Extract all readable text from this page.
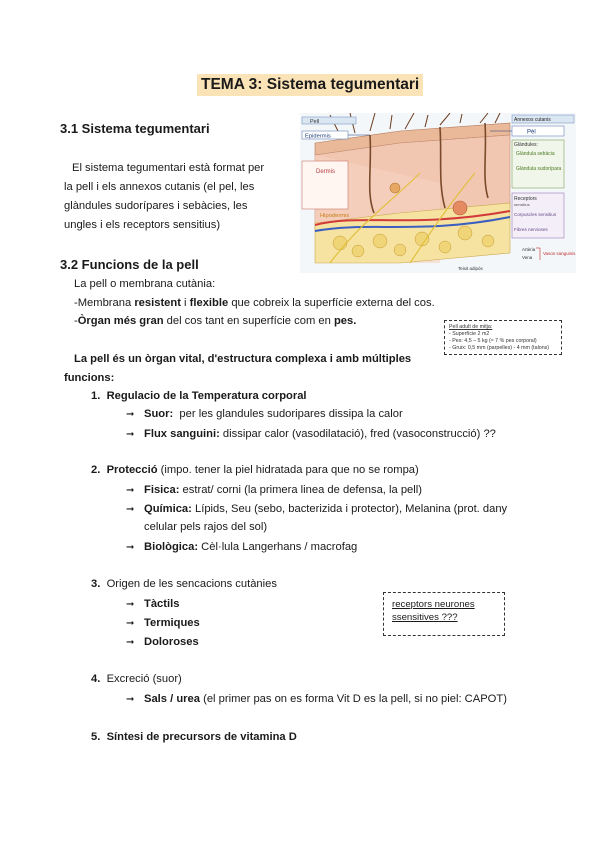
TEMA 3: Sistema tegumentari
3.1 Sistema tegumentari
El sistema tegumentari està format per
la pell i els annexos cutanis (el pel, les
glàndules sudorípares i sebàcies, les
ungles i els receptors sensitius)
Pell
Epidermis
Dermis
Hipodermis
Annexos cutanis
Pèl
Glàndules:
Glàndula sebàcia
Glàndula sudorípara
Receptors
sensitius
Corpuscles sensitius
Fibres nervioses
Artèria
Vena
Vasos sanguinis
Teixit adipós
3.2 Funcions de la pell
La pell o membrana cutània:
-Membrana resistent i flexible que cobreix la superfície externa del cos.
-Òrgan més gran del cos tant en superfície com en pes.	Pell adult de mitja:
- Superfície 2 m2
- Pes: 4,5 – 5 kg (≈ 7 % pes corporal)
- Gruix: 0,5 mm (parpelles) - 4 mm (talons)
La pell és un òrgan vital, d'estructura complexa i amb múltiples
funcions:
1. Regulacio de la Temperatura corporal
➞ Suor: per les glandules sudoripares dissipa la calor
➞ Flux sanguini: dissipar calor (vasodilatació), fred (vasoconstrucció) ??
2. Protecció (impo. tener la piel hidratada para que no se rompa)
➞ Fisica: estrat/ corni (la primera linea de defensa, la pell)
➞ Química: Lípids, Seu (sebo, bacterizida i protector), Melanina (prot. dany
celular pels rajos del sol)
➞ Biològica: Cèl·lula Langerhans / macrofag
3. Origen de les sencacions cutànies
➞ Tàctils
➞ Termiques
➞ Doloroses
receptors neurones
ssensitives ???
4. Excreció (suor)
➞ Sals / urea (el primer pas on es forma Vit D es la pell, si no piel: CAPOT)
5. Síntesi de precursors de vitamina D
